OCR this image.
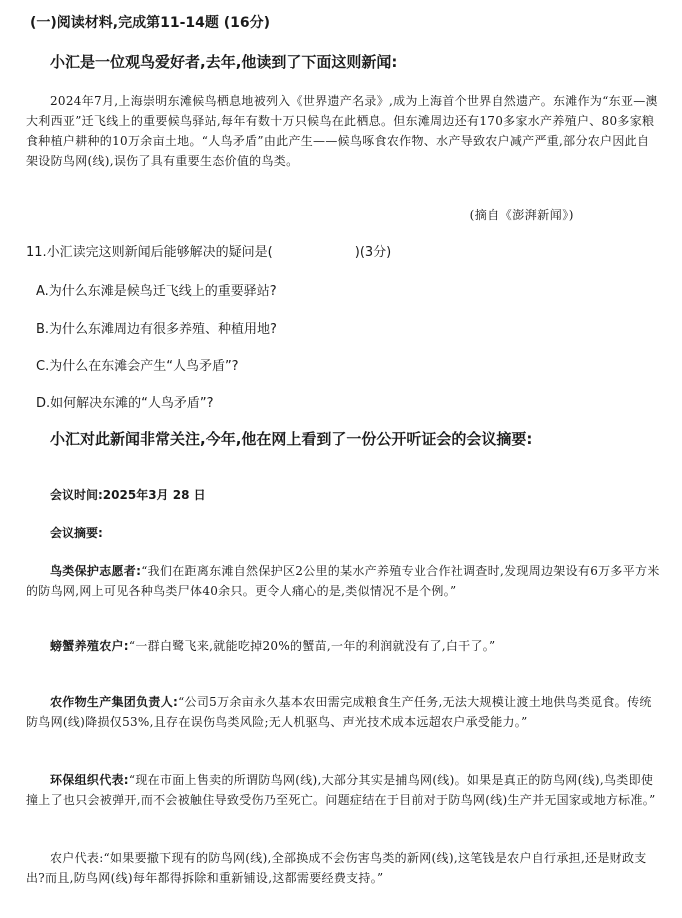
(一)阅读材料,完成第11-14题 (16分)
小汇是一位观鸟爱好者,去年,他读到了下面这则新闻:

2024年7月,上海崇明东滩候鸟栖息地被列入《世界遗产名录》,成为上海首个世界自然遗产。东滩作为“东亚—澳大利西亚”迁飞线上的重要候鸟驿站,每年有数十万只候鸟在此栖息。但东滩周边还有170多家水产养殖户、80多家粮食种植户耕种的10万余亩土地。“人鸟矛盾”由此产生——候鸟啄食农作物、水产导致农户减产严重,部分农户因此自架设防鸟网(线),误伤了具有重要生态价值的鸟类。

(摘自《澎湃新闻》)
11.小汇读完这则新闻后能够解决的疑问是(	)(3分)
A.为什么东滩是候鸟迁飞线上的重要驿站?
B.为什么东滩周边有很多养殖、种植用地?
C.为什么在东滩会产生“人鸟矛盾”?
D.如何解决东滩的“人鸟矛盾”?
小汇对此新闻非常关注,今年,他在网上看到了一份公开听证会的会议摘要:
会议时间:2025年3月 28 日
会议摘要:
鸟类保护志愿者:“我们在距离东滩自然保护区2公里的某水产养殖专业合作社调查时,发现周边架设有6万多平方米的防鸟网,网上可见各种鸟类尸体40余只。更令人痛心的是,类似情况不是个例。”
螃蟹养殖农户:“一群白鹭飞来,就能吃掉20%的蟹苗,一年的利润就没有了,白干了。”
农作物生产集团负责人:“公司5万余亩永久基本农田需完成粮食生产任务,无法大规模让渡土地供鸟类觅食。传统防鸟网(线)降损仅53%,且存在误伤鸟类风险;无人机驱鸟、声光技术成本远超农户承受能力。”
环保组织代表:“现在市面上售卖的所谓防鸟网(线),大部分其实是捕鸟网(线)。如果是真正的防鸟网(线),鸟类即使撞上了也只会被弹开,而不会被触住导致受伤乃至死亡。问题症结在于目前对于防鸟网(线)生产并无国家或地方标准。”
农户代表:“如果要撤下现有的防鸟网(线),全部换成不会伤害鸟类的新网(线),这笔钱是农户自行承担,还是财政支出?而且,防鸟网(线)每年都得拆除和重新铺设,这都需要经费支持。”
